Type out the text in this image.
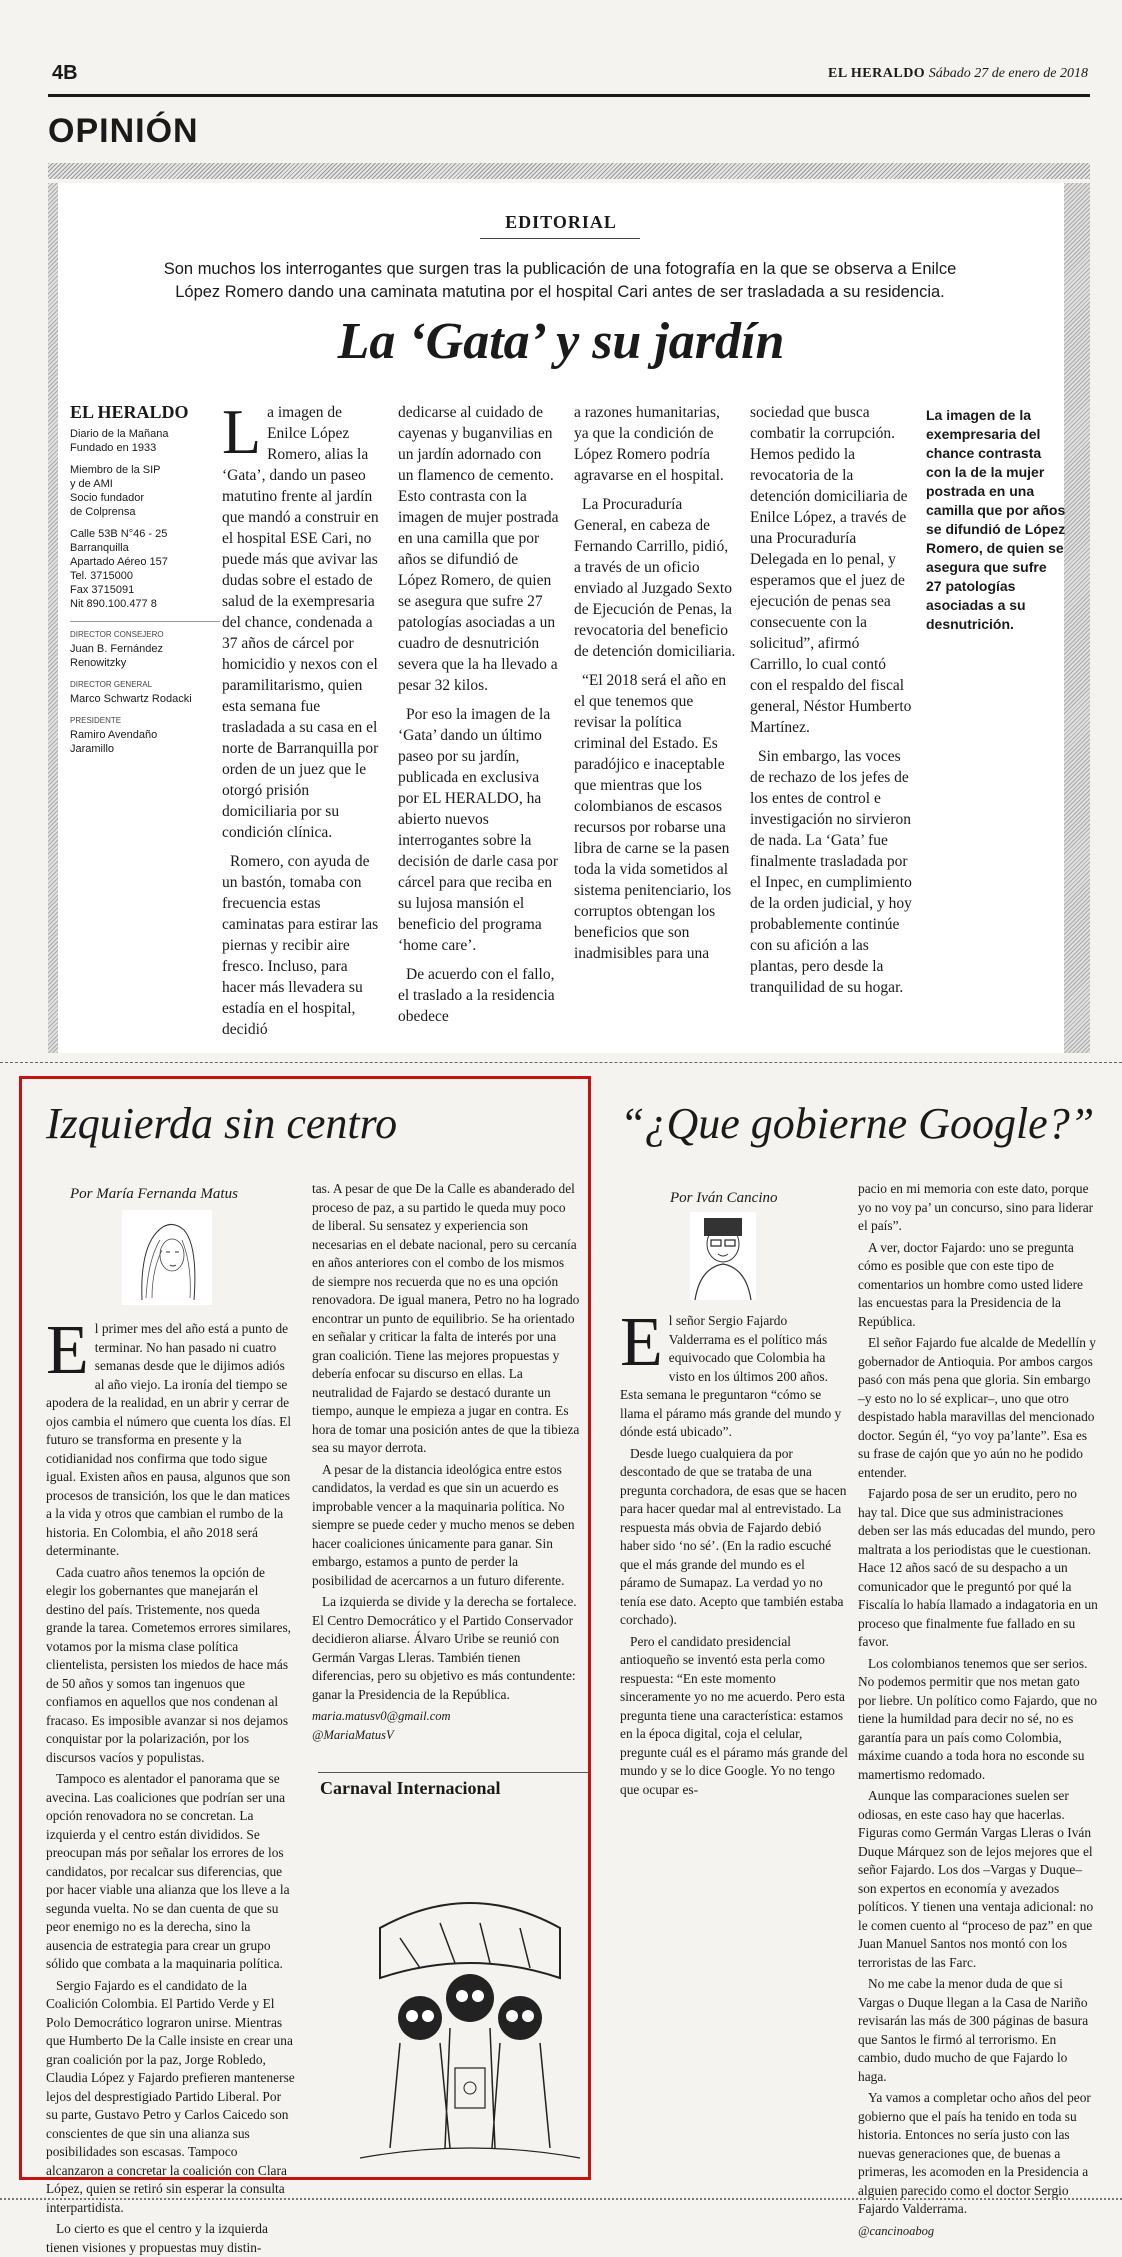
4B	EL HERALDO Sábado 27 de enero de 2018
OPINIÓN
EDITORIAL
Son muchos los interrogantes que surgen tras la publicación de una fotografía en la que se observa a Enilce López Romero dando una caminata matutina por el hospital Cari antes de ser trasladada a su residencia.
La ‘Gata’ y su jardín
EL HERALDO

Diario de la Mañana
Fundado en 1933

Miembro de la SIP
y de AMI
Socio fundador
de Colprensa

Calle 53B N°46 - 25
Barranquilla
Apartado Aéreo 157
Tel. 3715000
Fax 3715091
Nit 890.100.477 8

DIRECTOR CONSEJERO

Juan B. Fernández
Renowitzky

DIRECTOR GENERAL

Marco Schwartz Rodacki

PRESIDENTE

Ramiro Avendaño
Jaramillo

La imagen de Enilce López Romero, alias la ‘Gata’, dando un paseo matutino frente al jardín que mandó a construir en el hospital ESE Cari, no puede más que avivar las dudas sobre el estado de salud de la exempresaria del chance, condenada a 37 años de cárcel por homicidio y nexos con el paramilitarismo, quien esta semana fue trasladada a su casa en el norte de Barranquilla por orden de un juez que le otorgó prisión domiciliaria por su condición clínica.

Romero, con ayuda de un bastón, tomaba con frecuencia estas caminatas para estirar las piernas y recibir aire fresco. Incluso, para hacer más llevadera su estadía en el hospital, decidió

dedicarse al cuidado de cayenas y buganvilias en un jardín adornado con un flamenco de cemento. Esto contrasta con la imagen de mujer postrada en una camilla que por años se difundió de López Romero, de quien se asegura que sufre 27 patologías asociadas a un cuadro de desnutrición severa que la ha llevado a pesar 32 kilos.

Por eso la imagen de la ‘Gata’ dando un último paseo por su jardín, publicada en exclusiva por EL HERALDO, ha abierto nuevos interrogantes sobre la decisión de darle casa por cárcel para que reciba en su lujosa mansión el beneficio del programa ‘home care’.

De acuerdo con el fallo, el traslado a la residencia obedece

a razones humanitarias, ya que la condición de López Romero podría agravarse en el hospital.

La Procuraduría General, en cabeza de Fernando Carrillo, pidió, a través de un oficio enviado al Juzgado Sexto de Ejecución de Penas, la revocatoria del beneficio de detención domiciliaria.

“El 2018 será el año en el que tenemos que revisar la política criminal del Estado. Es paradójico e inaceptable que mientras que los colombianos de escasos recursos por robarse una libra de carne se la pasen toda la vida sometidos al sistema penitenciario, los corruptos obtengan los beneficios que son inadmisibles para una

sociedad que busca combatir la corrupción. Hemos pedido la revocatoria de la detención domiciliaria de Enilce López, a través de una Procuraduría Delegada en lo penal, y esperamos que el juez de ejecución de penas sea consecuente con la solicitud”, afirmó Carrillo, lo cual contó con el respaldo del fiscal general, Néstor Humberto Martínez.

Sin embargo, las voces de rechazo de los jefes de los entes de control e investigación no sirvieron de nada. La ‘Gata’ fue finalmente trasladada por el Inpec, en cumplimiento de la orden judicial, y hoy probablemente continúe con su afición a las plantas, pero desde la tranquilidad de su hogar.

La imagen de la exempresaria del chance contrasta con la de la mujer postrada en una camilla que por años se difundió de López Romero, de quien se asegura que sufre 27 patologías asociadas a su desnutrición.
Izquierda sin centro
Por María Fernanda Matus

El primer mes del año está a punto de terminar. No han pasado ni cuatro semanas desde que le dijimos adiós al año viejo. La ironía del tiempo se apodera de la realidad, en un abrir y cerrar de ojos cambia el número que cuenta los días. El futuro se transforma en presente y la cotidianidad nos confirma que todo sigue igual. Existen años en pausa, algunos que son procesos de transición, los que le dan matices a la vida y otros que cambian el rumbo de la historia. En Colombia, el año 2018 será determinante.

Cada cuatro años tenemos la opción de elegir los gobernantes que manejarán el destino del país. Tristemente, nos queda grande la tarea. Cometemos errores similares, votamos por la misma clase política clientelista, persisten los miedos de hace más de 50 años y somos tan ingenuos que confiamos en aquellos que nos condenan al fracaso. Es imposible avanzar si nos dejamos conquistar por la polarización, por los discursos vacíos y populistas.

Tampoco es alentador el panorama que se avecina. Las coaliciones que podrían ser una opción renovadora no se concretan. La izquierda y el centro están divididos. Se preocupan más por señalar los errores de los candidatos, por recalcar sus diferencias, que por hacer viable una alianza que los lleve a la segunda vuelta. No se dan cuenta de que su peor enemigo no es la derecha, sino la ausencia de estrategia para crear un grupo sólido que combata a la maquinaria política.

Sergio Fajardo es el candidato de la Coalición Colombia. El Partido Verde y El Polo Democrático lograron unirse. Mientras que Humberto De la Calle insiste en crear una gran coalición por la paz, Jorge Robledo, Claudia López y Fajardo prefieren mantenerse lejos del desprestigiado Partido Liberal. Por su parte, Gustavo Petro y Carlos Caicedo son conscientes de que sin una alianza sus posibilidades son escasas. Tampoco alcanzaron a concretar la coalición con Clara López, quien se retiró sin esperar la consulta interpartidista.

Lo cierto es que el centro y la izquierda tienen visiones y propuestas muy distin-

tas. A pesar de que De la Calle es abanderado del proceso de paz, a su partido le queda muy poco de liberal. Su sensatez y experiencia son necesarias en el debate nacional, pero su cercanía en años anteriores con el combo de los mismos de siempre nos recuerda que no es una opción renovadora. De igual manera, Petro no ha logrado encontrar un punto de equilibrio. Se ha orientado en señalar y criticar la falta de interés por una gran coalición. Tiene las mejores propuestas y debería enfocar su discurso en ellas. La neutralidad de Fajardo se destacó durante un tiempo, aunque le empieza a jugar en contra. Es hora de tomar una posición antes de que la tibieza sea su mayor derrota.

A pesar de la distancia ideológica entre estos candidatos, la verdad es que sin un acuerdo es improbable vencer a la maquinaria política. No siempre se puede ceder y mucho menos se deben hacer coaliciones únicamente para ganar. Sin embargo, estamos a punto de perder la posibilidad de acercarnos a un futuro diferente.

La izquierda se divide y la derecha se fortalece. El Centro Democrático y el Partido Conservador decidieron aliarse. Álvaro Uribe se reunió con Germán Vargas Lleras. También tienen diferencias, pero su objetivo es más contundente: ganar la Presidencia de la República.

maria.matusv0@gmail.com
@MariaMatusV
Carnaval Internacional
“¿Que gobierne Google?”
Por Iván Cancino

El señor Sergio Fajardo Valderrama es el político más equivocado que Colombia ha visto en los últimos 200 años. Esta semana le preguntaron “cómo se llama el páramo más grande del mundo y dónde está ubicado”.

Desde luego cualquiera da por descontado de que se trataba de una pregunta corchadora, de esas que se hacen para hacer quedar mal al entrevistado. La respuesta más obvia de Fajardo debió haber sido ‘no sé’. (En la radio escuché que el más grande del mundo es el páramo de Sumapaz. La verdad yo no tenía ese dato. Acepto que también estaba corchado).

Pero el candidato presidencial antioqueño se inventó esta perla como respuesta: “En este momento sinceramente yo no me acuerdo. Pero esta pregunta tiene una característica: estamos en la época digital, coja el celular, pregunte cuál es el páramo más grande del mundo y se lo dice Google. Yo no tengo que ocupar es-

pacio en mi memoria con este dato, porque yo no voy pa’ un concurso, sino para liderar el país”.

A ver, doctor Fajardo: uno se pregunta cómo es posible que con este tipo de comentarios un hombre como usted lidere las encuestas para la Presidencia de la República.

El señor Fajardo fue alcalde de Medellín y gobernador de Antioquia. Por ambos cargos pasó con más pena que gloria. Sin embargo –y esto no lo sé explicar–, uno que otro despistado habla maravillas del mencionado doctor. Según él, “yo voy pa’lante”. Esa es su frase de cajón que yo aún no he podido entender.

Fajardo posa de ser un erudito, pero no hay tal. Dice que sus administraciones deben ser las más educadas del mundo, pero maltrata a los periodistas que le cuestionan. Hace 12 años sacó de su despacho a un comunicador que le preguntó por qué la Fiscalía lo había llamado a indagatoria en un proceso que finalmente fue fallado en su favor.

Los colombianos tenemos que ser serios. No podemos permitir que nos metan gato por liebre. Un político como Fajardo, que no tiene la humildad para decir no sé, no es garantía para un país como Colombia, máxime cuando a toda hora no esconde su mamertismo redomado.

Aunque las comparaciones suelen ser odiosas, en este caso hay que hacerlas. Figuras como Germán Vargas Lleras o Iván Duque Márquez son de lejos mejores que el señor Fajardo. Los dos –Vargas y Duque– son expertos en economía y avezados políticos. Y tienen una ventaja adicional: no le comen cuento al “proceso de paz” en que Juan Manuel Santos nos montó con los terroristas de las Farc.

No me cabe la menor duda de que si Vargas o Duque llegan a la Casa de Nariño revisarán las más de 300 páginas de basura que Santos le firmó al terrorismo. En cambio, dudo mucho de que Fajardo lo haga.

Ya vamos a completar ocho años del peor gobierno que el país ha tenido en toda su historia. Entonces no sería justo con las nuevas generaciones que, de buenas a primeras, les acomoden en la Presidencia a alguien parecido como el doctor Sergio Fajardo Valderrama.

@cancinoabog
